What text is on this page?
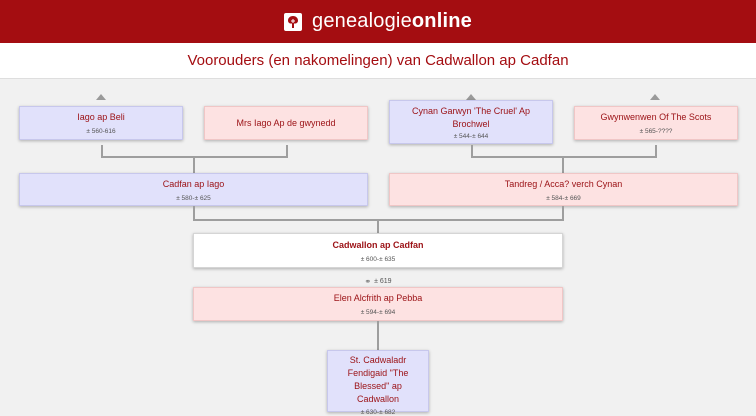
genealogieonline
Voorouders (en nakomelingen) van Cadwallon ap Cadfan
Iago ap Beli
± 560-616
Mrs Iago Ap de gwynedd
Cynan Garwyn 'The Cruel' Ap Brochwel
± 544-± 644
Gwynwenwen Of The Scots
± 565-????
Cadfan ap Iago
± 580-± 625
Tandreg / Acca? verch Cynan
± 584-± 669
Cadwallon ap Cadfan
± 600-± 635
⚭ ± 619
Elen Alcfrith ap Pebba
± 594-± 694
St. Cadwaladr Fendigaid "The Blessed" ap Cadwallon
± 630-± 682
